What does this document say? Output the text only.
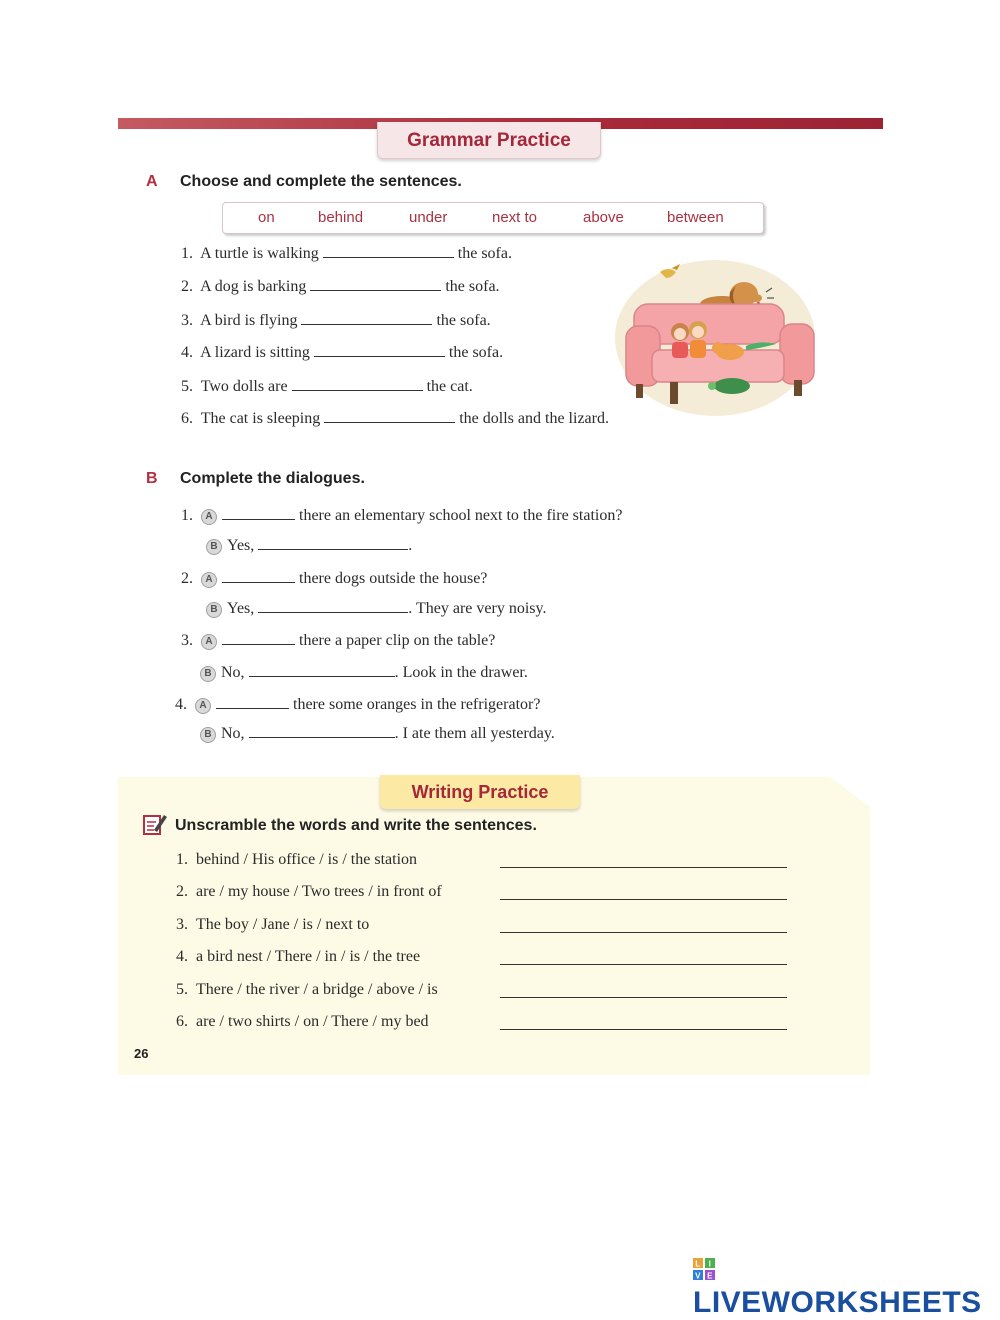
Grammar Practice
A Choose and complete the sentences.
on	behind	under	next to	above	between
1. A turtle is walking	the sofa.
2. A dog is barking	the sofa.
3. A bird is flying	the sofa.
4. A lizard is sitting	the sofa.
5. Two dolls are	the cat.
6. The cat is sleeping	the dolls and the lizard.
B Complete the dialogues.
1. A	there an elementary school next to the fire station?
B Yes,	.
2. A	there dogs outside the house?
B Yes,	. They are very noisy.
3. A	there a paper clip on the table?
B No,	. Look in the drawer.
4. A	there some oranges in the refrigerator?
B No,	. I ate them all yesterday.
Writing Practice
Unscramble the words and write the sentences.
1. behind / His office / is / the station
2. are / my house / Two trees / in front of
3. The boy / Jane / is / next to
4. a bird nest / There / in / is / the tree
5. There / the river / a bridge / above / is
6. are / two shirts / on / There / my bed
26
L I
V E
LIVEWORKSHEETS
